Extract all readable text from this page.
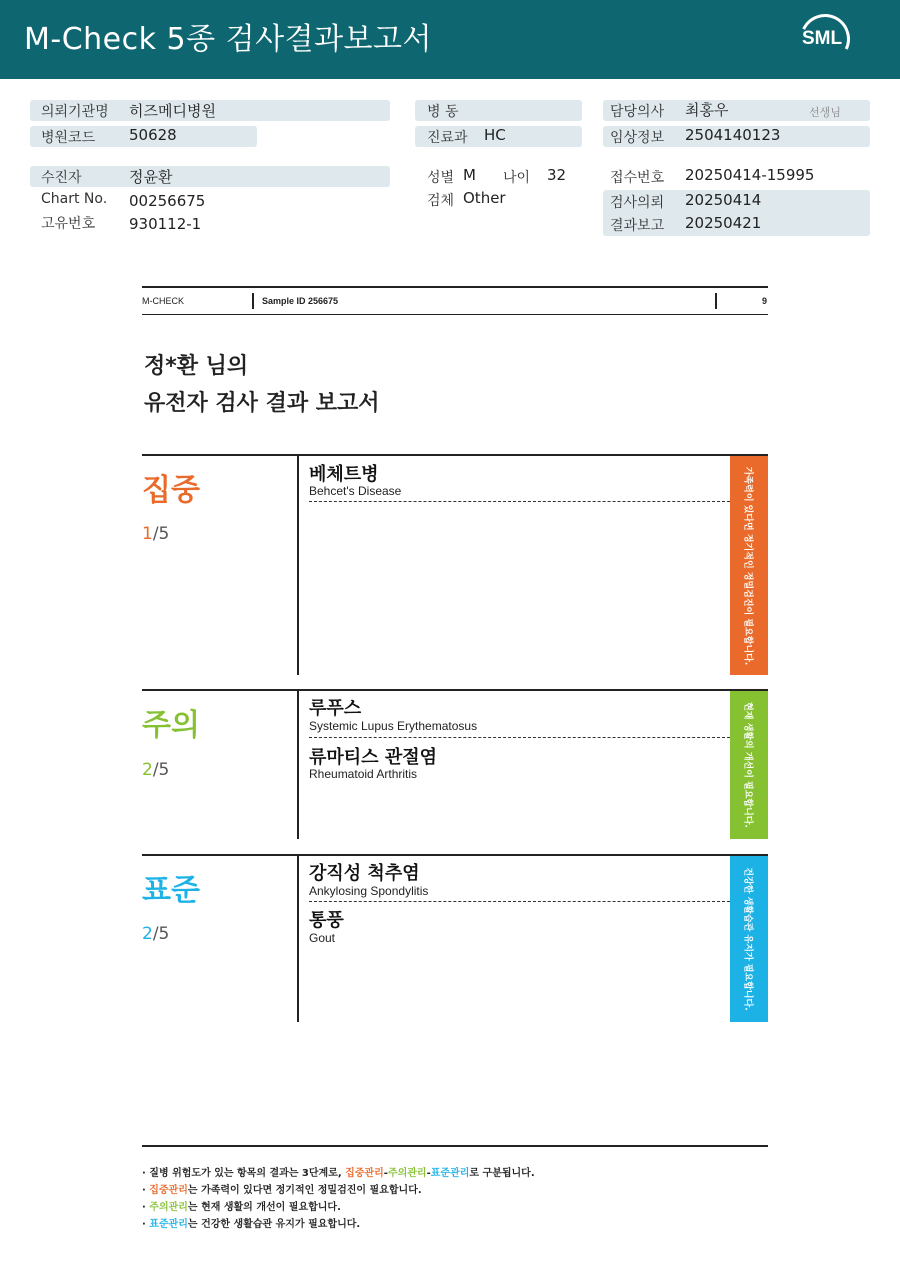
M-Check 5종 검사결과보고서	SML
의뢰기관명 히즈메디병원
병원코드 50628
수진자	정윤환
Chart No. 00256675
고유번호 930112-1
병 동
진료과 HC
성별 M 나이 32
검체 Other
담당의사 최홍우	선생님
임상정보 2504140123
접수번호 20250414-15995
검사의뢰 20250414
결과보고 20250421
M-CHECK	Sample ID 256675	9
정*환 님의
유전자 검사 결과 보고서
집중
1/5
베체트병
Behcet's Disease	가족력이 있다면 정기적인 정밀검진이 필요합니다.
주의
2/5
루푸스
Systemic Lupus Erythematosus
류마티스 관절염
Rheumatoid Arthritis	현재 생활의 개선이 필요합니다.
표준
2/5
강직성 척추염
Ankylosing Spondylitis
통풍
Gout	건강한 생활습관 유지가 필요합니다.
· 질병 위험도가 있는 항목의 결과는 3단계로, 집중관리-주의관리-표준관리로 구분됩니다.
· 집중관리는 가족력이 있다면 정기적인 정밀검진이 필요합니다.
· 주의관리는 현재 생활의 개선이 필요합니다.
· 표준관리는 건강한 생활습관 유지가 필요합니다.
